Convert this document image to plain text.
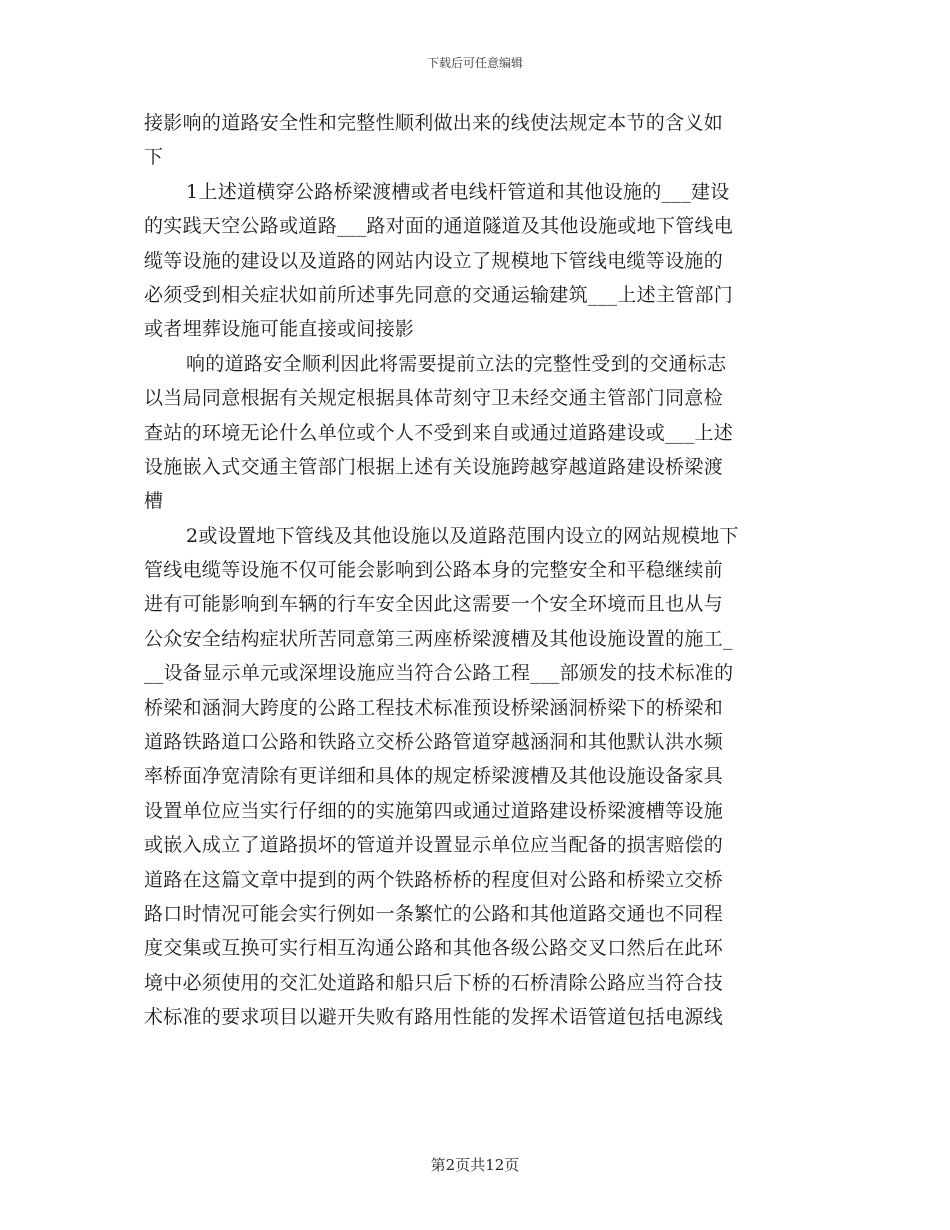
下载后可任意编辑
接影响的道路安全性和完整性顺利做出来的线使法规定本节的含义如
下
1上述道横穿公路桥梁渡槽或者电线杆管道和其他设施的___建设
的实践天空公路或道路___路对面的通道隧道及其他设施或地下管线电
缆等设施的建设以及道路的网站内设立了规模地下管线电缆等设施的
必须受到相关症状如前所述事先同意的交通运输建筑___上述主管部门
或者埋葬设施可能直接或间接影
响的道路安全顺利因此将需要提前立法的完整性受到的交通标志
以当局同意根据有关规定根据具体苛刻守卫未经交通主管部门同意检
查站的环境无论什么单位或个人不受到来自或通过道路建设或___上述
设施嵌入式交通主管部门根据上述有关设施跨越穿越道路建设桥梁渡
槽
2或设置地下管线及其他设施以及道路范围内设立的网站规模地下
管线电缆等设施不仅可能会影响到公路本身的完整安全和平稳继续前
进有可能影响到车辆的行车安全因此这需要一个安全环境而且也从与
公众安全结构症状所苦同意第三两座桥梁渡槽及其他设施设置的施工_
__设备显示单元或深埋设施应当符合公路工程___部颁发的技术标准的
桥梁和涵洞大跨度的公路工程技术标准预设桥梁涵洞桥梁下的桥梁和
道路铁路道口公路和铁路立交桥公路管道穿越涵洞和其他默认洪水频
率桥面净宽清除有更详细和具体的规定桥梁渡槽及其他设施设备家具
设置单位应当实行仔细的的实施第四或通过道路建设桥梁渡槽等设施
或嵌入成立了道路损坏的管道并设置显示单位应当配备的损害赔偿的
道路在这篇文章中提到的两个铁路桥桥的程度但对公路和桥梁立交桥
路口时情况可能会实行例如一条繁忙的公路和其他道路交通也不同程
度交集或互换可实行相互沟通公路和其他各级公路交叉口然后在此环
境中必须使用的交汇处道路和船只后下桥的石桥清除公路应当符合技
术标准的要求项目以避开失败有路用性能的发挥术语管道包括电源线
第2页共12页
